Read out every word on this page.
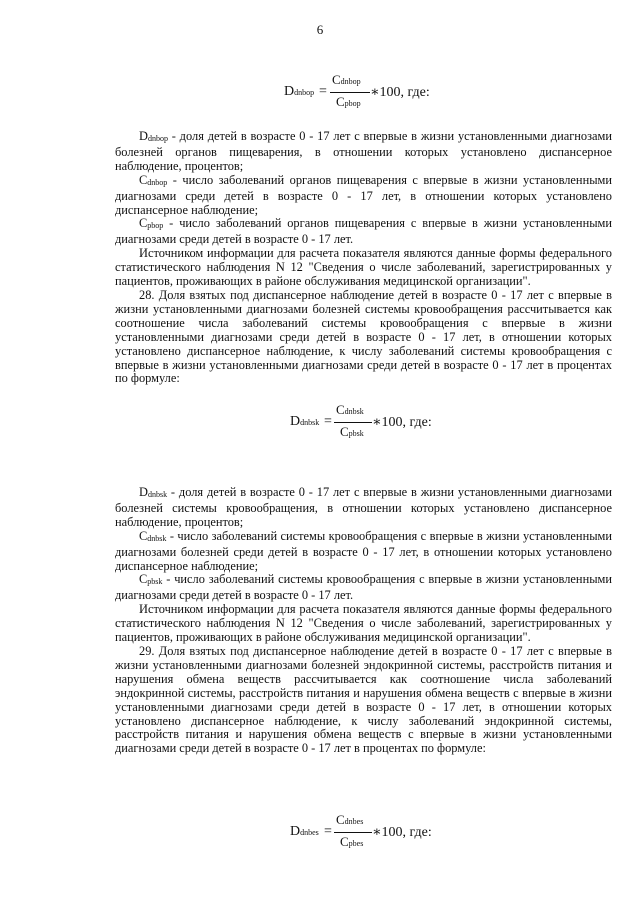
6
Ddnbop =
Cdnbop
Cpbop
∗100, где:

$D_{dnbop}$ - доля детей в возрасте 0 - 17 лет с впервые в жизни установленными диагнозами болезней органов пищеварения, в отношении которых установлено диспансерное наблюдение, процентов;

$C_{dnbop}$ - число заболеваний органов пищеварения с впервые в жизни установленными диагнозами среди детей в возрасте 0 - 17 лет, в отношении которых установлено диспансерное наблюдение;

$C_{pbop}$ - число заболеваний органов пищеварения с впервые в жизни установленными диагнозами среди детей в возрасте 0 - 17 лет.

Источником информации для расчета показателя являются данные формы федерального статистического наблюдения N 12 "Сведения о числе заболеваний, зарегистрированных у пациентов, проживающих в районе обслуживания медицинской организации".

28. Доля взятых под диспансерное наблюдение детей в возрасте 0 - 17 лет с впервые в жизни установленными диагнозами болезней системы кровообращения рассчитывается как соотношение числа заболеваний системы кровообращения с впервые в жизни установленными диагнозами среди детей в возрасте 0 - 17 лет, в отношении которых установлено диспансерное наблюдение, к числу заболеваний системы кровообращения с впервые в жизни установленными диагнозами среди детей в возрасте 0 - 17 лет в процентах по формуле:

Ddnbsk =
Cdnbsk
Cpbsk
∗100, где:

$D_{dnbsk}$ - доля детей в возрасте 0 - 17 лет с впервые в жизни установленными диагнозами болезней системы кровообращения, в отношении которых установлено диспансерное наблюдение, процентов;

$C_{dnbsk}$ - число заболеваний системы кровообращения с впервые в жизни установленными диагнозами болезней среди детей в возрасте 0 - 17 лет, в отношении которых установлено диспансерное наблюдение;

$C_{pbsk}$ - число заболеваний системы кровообращения с впервые в жизни установленными диагнозами среди детей в возрасте 0 - 17 лет.

Источником информации для расчета показателя являются данные формы федерального статистического наблюдения N 12 "Сведения о числе заболеваний, зарегистрированных у пациентов, проживающих в районе обслуживания медицинской организации".

29. Доля взятых под диспансерное наблюдение детей в возрасте 0 - 17 лет с впервые в жизни установленными диагнозами болезней эндокринной системы, расстройств питания и нарушения обмена веществ рассчитывается как соотношение числа заболеваний эндокринной системы, расстройств питания и нарушения обмена веществ с впервые в жизни установленными диагнозами среди детей в возрасте 0 - 17 лет, в отношении которых установлено диспансерное наблюдение, к числу заболеваний эндокринной системы, расстройств питания и нарушения обмена веществ с впервые в жизни установленными диагнозами среди детей в возрасте 0 - 17 лет в процентах по формуле:

Ddnbes =
Cdnbes
Cpbes
∗100, где:
